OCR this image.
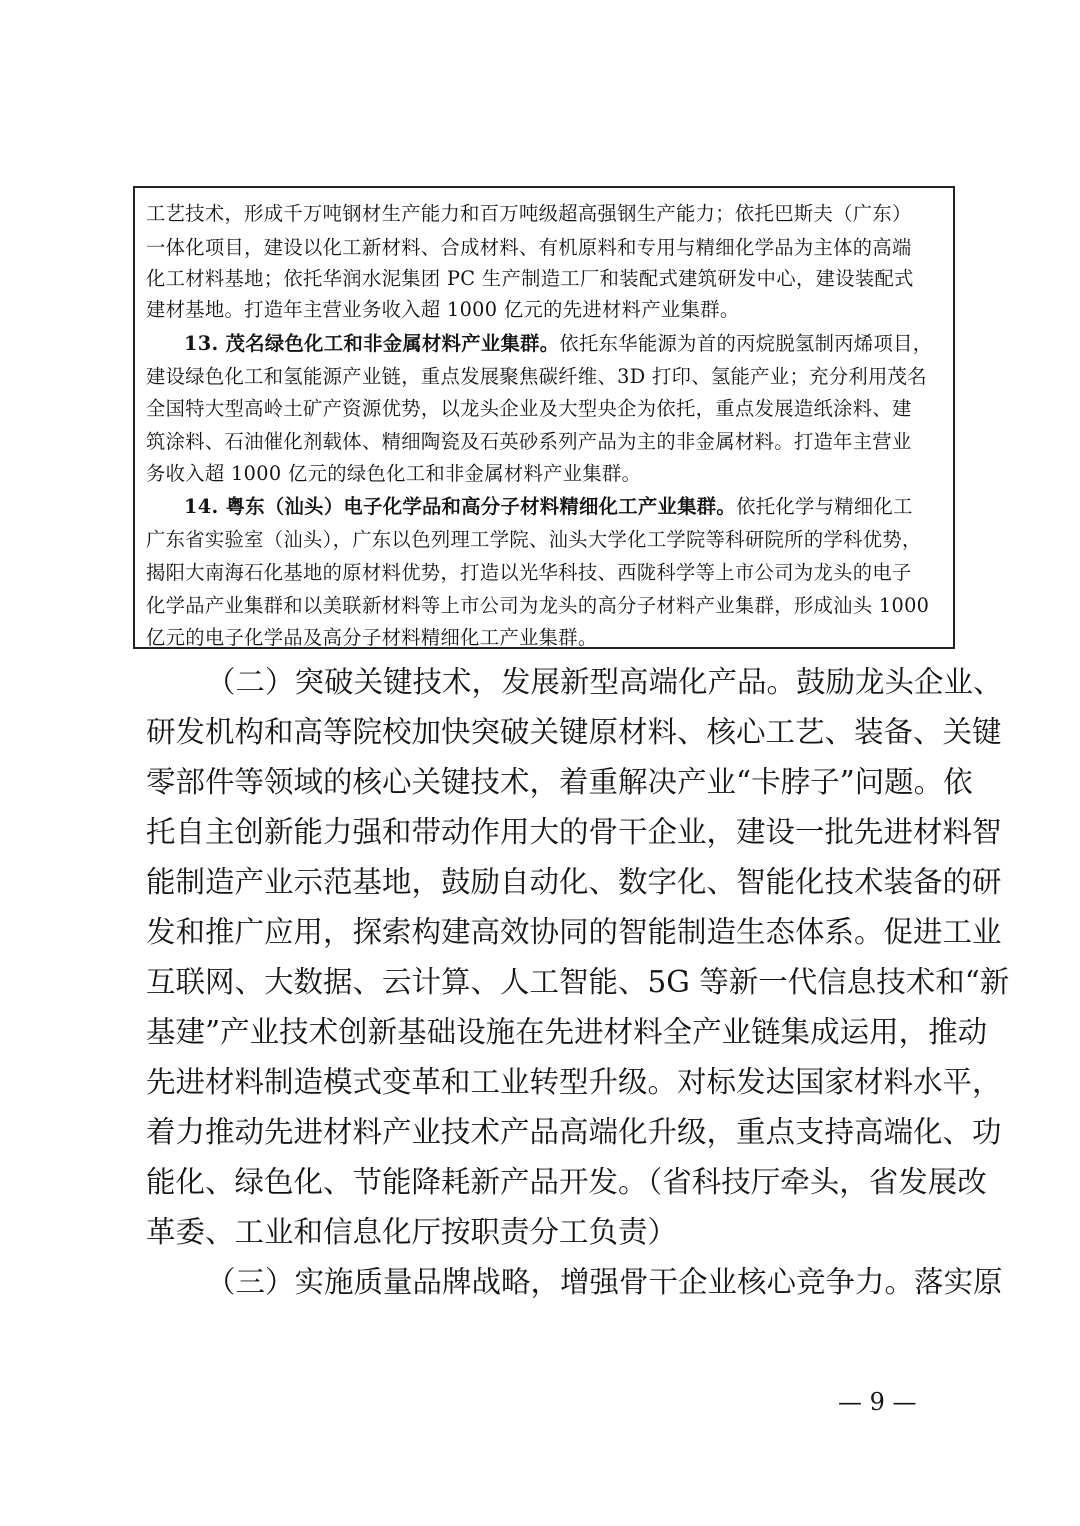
工艺技术，形成千万吨钢材生产能力和百万吨级超高强钢生产能力；依托巴斯夫（广东）
一体化项目，建设以化工新材料、合成材料、有机原料和专用与精细化学品为主体的高端
化工材料基地；依托华润水泥集团 PC 生产制造工厂和装配式建筑研发中心，建设装配式
建材基地。打造年主营业务收入超 1000 亿元的先进材料产业集群。
13. 茂名绿色化工和非金属材料产业集群。依托东华能源为首的丙烷脱氢制丙烯项目，
建设绿色化工和氢能源产业链，重点发展聚焦碳纤维、3D 打印、氢能产业；充分利用茂名
全国特大型高岭土矿产资源优势，以龙头企业及大型央企为依托，重点发展造纸涂料、建
筑涂料、石油催化剂载体、精细陶瓷及石英砂系列产品为主的非金属材料。打造年主营业
务收入超 1000 亿元的绿色化工和非金属材料产业集群。
14. 粤东（汕头）电子化学品和高分子材料精细化工产业集群。依托化学与精细化工
广东省实验室（汕头），广东以色列理工学院、汕头大学化工学院等科研院所的学科优势，
揭阳大南海石化基地的原材料优势，打造以光华科技、西陇科学等上市公司为龙头的电子
化学品产业集群和以美联新材料等上市公司为龙头的高分子材料产业集群，形成汕头 1000
亿元的电子化学品及高分子材料精细化工产业集群。
（二）突破关键技术，发展新型高端化产品。鼓励龙头企业、
研发机构和高等院校加快突破关键原材料、核心工艺、装备、关键
零部件等领域的核心关键技术，着重解决产业“卡脖子”问题。依
托自主创新能力强和带动作用大的骨干企业，建设一批先进材料智
能制造产业示范基地，鼓励自动化、数字化、智能化技术装备的研
发和推广应用，探索构建高效协同的智能制造生态体系。促进工业
互联网、大数据、云计算、人工智能、5G 等新一代信息技术和“新
基建”产业技术创新基础设施在先进材料全产业链集成运用，推动
先进材料制造模式变革和工业转型升级。对标发达国家材料水平，
着力推动先进材料产业技术产品高端化升级，重点支持高端化、功
能化、绿色化、节能降耗新产品开发。（省科技厅牵头，省发展改
革委、工业和信息化厅按职责分工负责）
（三）实施质量品牌战略，增强骨干企业核心竞争力。落实原
— 9 —
